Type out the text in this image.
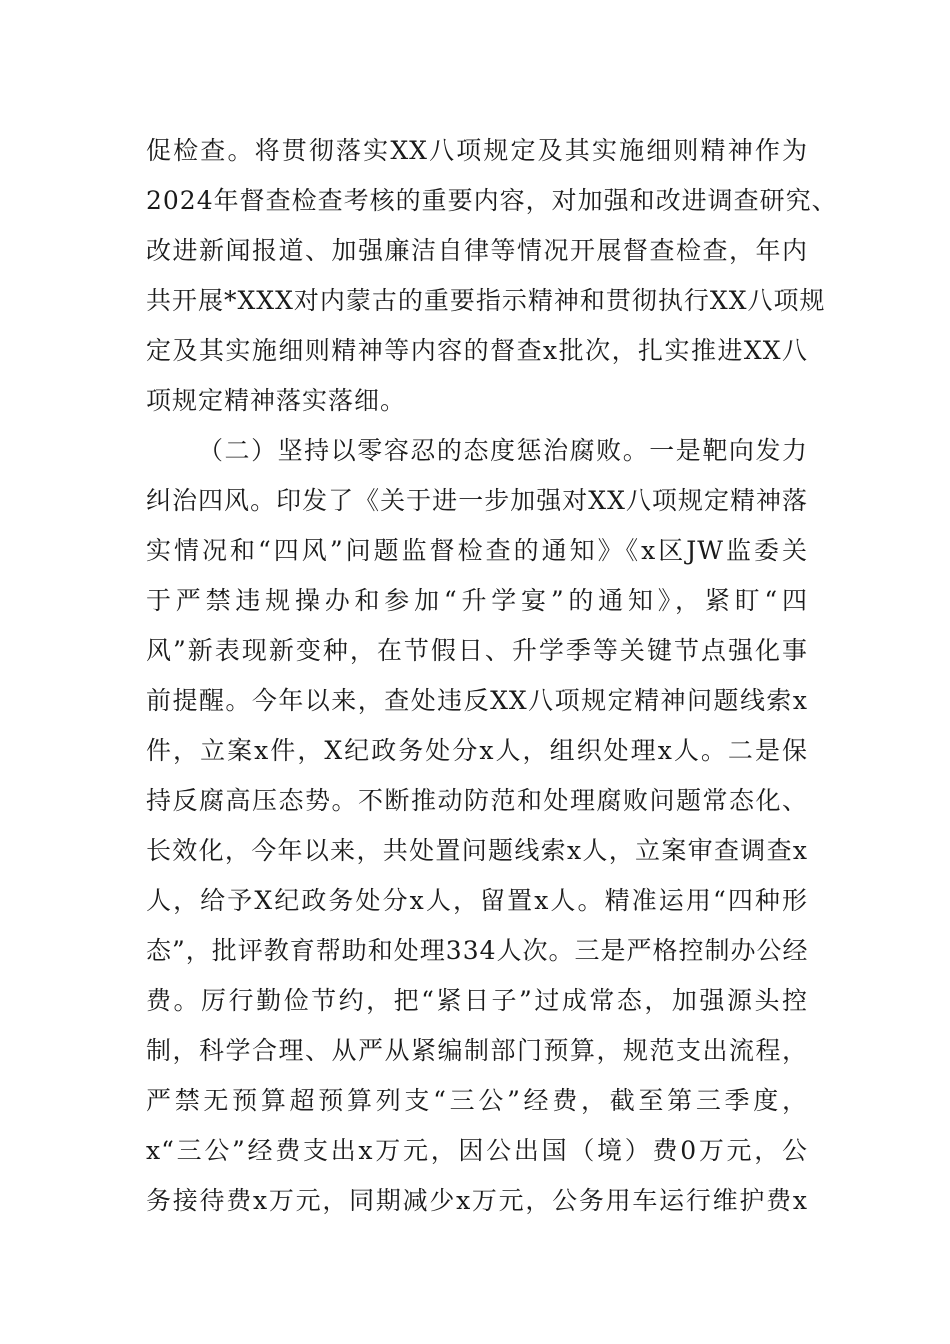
促检查。将贯彻落实XX八项规定及其实施细则精神作为
2024年督查检查考核的重要内容，对加强和改进调查研究、
改进新闻报道、加强廉洁自律等情况开展督查检查，年内
共开展*XXX对内蒙古的重要指示精神和贯彻执行XX八项规
定及其实施细则精神等内容的督查x批次，扎实推进XX八
项规定精神落实落细。
（二）坚持以零容忍的态度惩治腐败。一是靶向发力
纠治四风。印发了《关于进一步加强对XX八项规定精神落
实情况和“四风”问题监督检查的通知》《x区JW监委关
于严禁违规操办和参加“升学宴”的通知》，紧盯“四
风”新表现新变种，在节假日、升学季等关键节点强化事
前提醒。今年以来，查处违反XX八项规定精神问题线索x
件，立案x件，X纪政务处分x人，组织处理x人。二是保
持反腐高压态势。不断推动防范和处理腐败问题常态化、
长效化，今年以来，共处置问题线索x人，立案审查调查x
人，给予X纪政务处分x人，留置x人。精准运用“四种形
态”，批评教育帮助和处理334人次。三是严格控制办公经
费。厉行勤俭节约，把“紧日子”过成常态，加强源头控
制，科学合理、从严从紧编制部门预算，规范支出流程，
严禁无预算超预算列支“三公”经费，截至第三季度，
x“三公”经费支出x万元，因公出国（境）费0万元，公
务接待费x万元，同期减少x万元，公务用车运行维护费x
